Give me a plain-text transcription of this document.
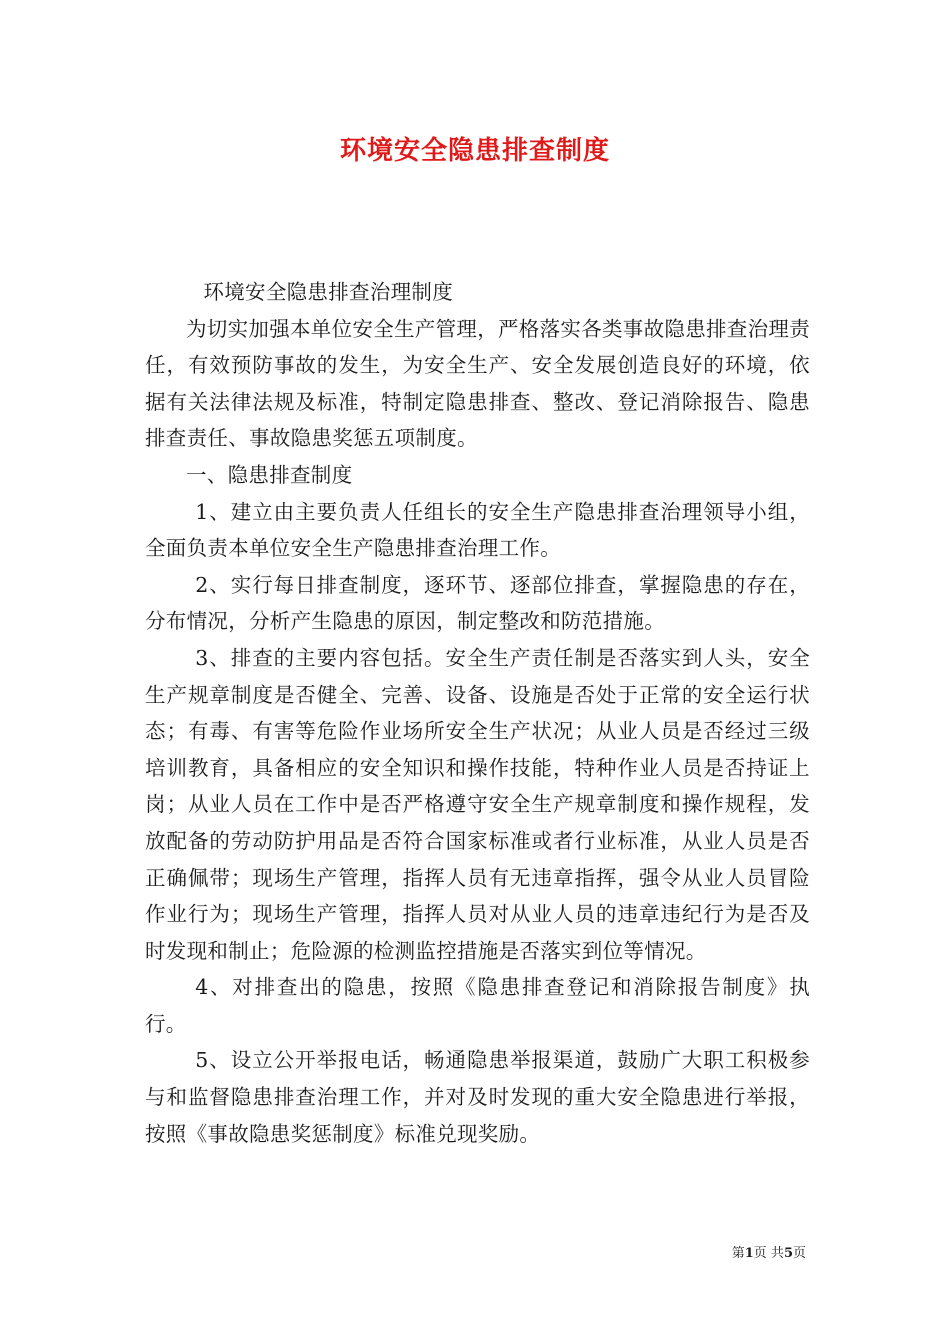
环境安全隐患排查制度

环境安全隐患排查治理制度

为切实加强本单位安全生产管理，严格落实各类事故隐患排查治理责任，有效预防事故的发生，为安全生产、安全发展创造良好的环境，依据有关法律法规及标准，特制定隐患排查、整改、登记消除报告、隐患排查责任、事故隐患奖惩五项制度。

一、隐患排查制度

1、建立由主要负责人任组长的安全生产隐患排查治理领导小组，全面负责本单位安全生产隐患排查治理工作。

2、实行每日排查制度，逐环节、逐部位排查，掌握隐患的存在，分布情况，分析产生隐患的原因，制定整改和防范措施。

3、排查的主要内容包括。安全生产责任制是否落实到人头，安全生产规章制度是否健全、完善、设备、设施是否处于正常的安全运行状态；有毒、有害等危险作业场所安全生产状况；从业人员是否经过三级培训教育，具备相应的安全知识和操作技能，特种作业人员是否持证上岗；从业人员在工作中是否严格遵守安全生产规章制度和操作规程，发放配备的劳动防护用品是否符合国家标准或者行业标准，从业人员是否正确佩带；现场生产管理，指挥人员有无违章指挥，强令从业人员冒险作业行为；现场生产管理，指挥人员对从业人员的违章违纪行为是否及时发现和制止；危险源的检测监控措施是否落实到位等情况。

4、对排查出的隐患，按照《隐患排查登记和消除报告制度》执行。

5、设立公开举报电话，畅通隐患举报渠道，鼓励广大职工积极参与和监督隐患排查治理工作，并对及时发现的重大安全隐患进行举报，按照《事故隐患奖惩制度》标准兑现奖励。

第1页 共5页
